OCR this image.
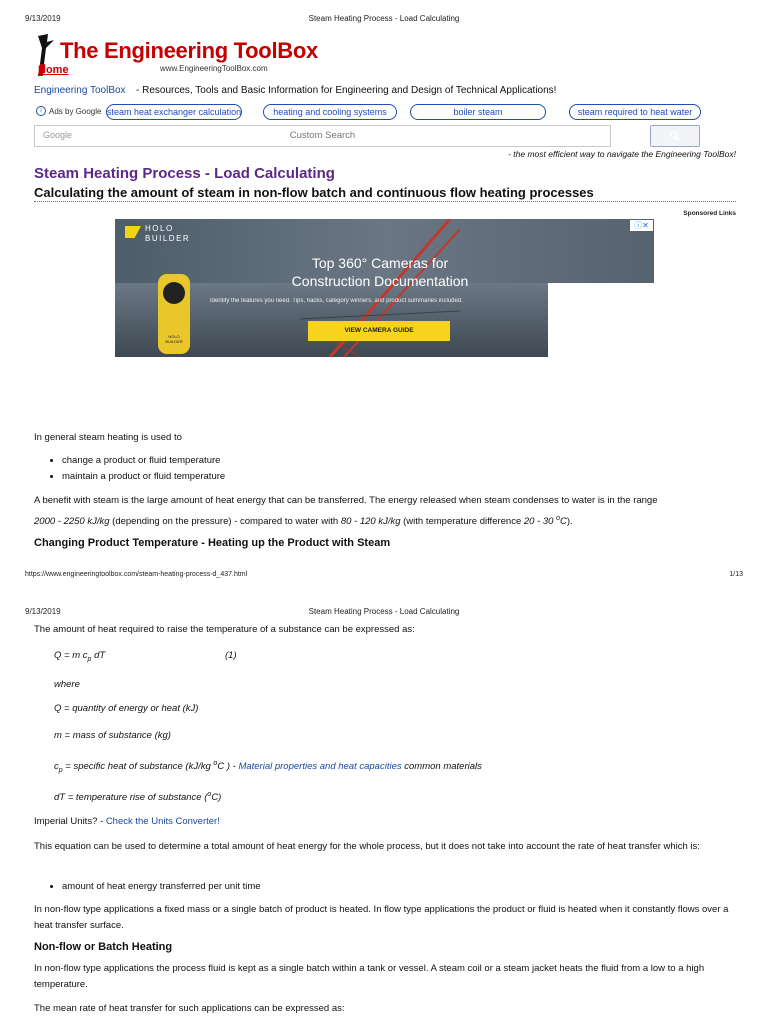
9/13/2019	Steam Heating Process - Load Calculating
The Engineering ToolBox
www.EngineeringToolBox.com
Home
Engineering ToolBox - Resources, Tools and Basic Information for Engineering and Design of Technical Applications!
i Ads by Google steam heat exchanger calculation	heating and cooling systems	boiler steam	steam required to heat water
Google	Custom Search
- the most efficient way to navigate the Engineering ToolBox!
Steam Heating Process - Load Calculating
Calculating the amount of steam in non-flow batch and continuous flow heating processes
Sponsored Links
HOLO
BUILDER
HOLO BUILDER
Top 360° Cameras for
Construction Documentation
Identify the features you need. Tips, hacks, category winners, and product summaries included.
VIEW CAMERA GUIDE
ⓘ✕
In general steam heating is used to
• change a product or fluid temperature
• maintain a product or fluid temperature
A benefit with steam is the large amount of heat energy that can be transferred. The energy released when steam condenses to water is in the range
2000 - 2250 kJ/kg (depending on the pressure) - compared to water with 80 - 120 kJ/kg (with temperature difference 20 - 30 $^o$C).
Changing Product Temperature - Heating up the Product with Steam
https://www.engineeringtoolbox.com/steam-heating-process-d_437.html	1/13
9/13/2019	Steam Heating Process - Load Calculating
The amount of heat required to raise the temperature of a substance can be expressed as:
Q = m $c_p$ dT	(1)
where
Q = quantity of energy or heat (kJ)
m = mass of substance (kg)
$c_p$ = specific heat of substance (kJ/kg $^o$C ) - Material properties and heat capacities common materials
dT = temperature rise of substance ($^o$C)
Imperial Units? - Check the Units Converter!
This equation can be used to determine a total amount of heat energy for the whole process, but it does not take into account the rate of heat transfer which is:
• amount of heat energy transferred per unit time
In non-flow type applications a fixed mass or a single batch of product is heated. In flow type applications the product or fluid is heated when it constantly flows over a heat transfer surface.
Non-flow or Batch Heating
In non-flow type applications the process fluid is kept as a single batch within a tank or vessel. A steam coil or a steam jacket heats the fluid from a low to a high temperature.
The mean rate of heat transfer for such applications can be expressed as:
